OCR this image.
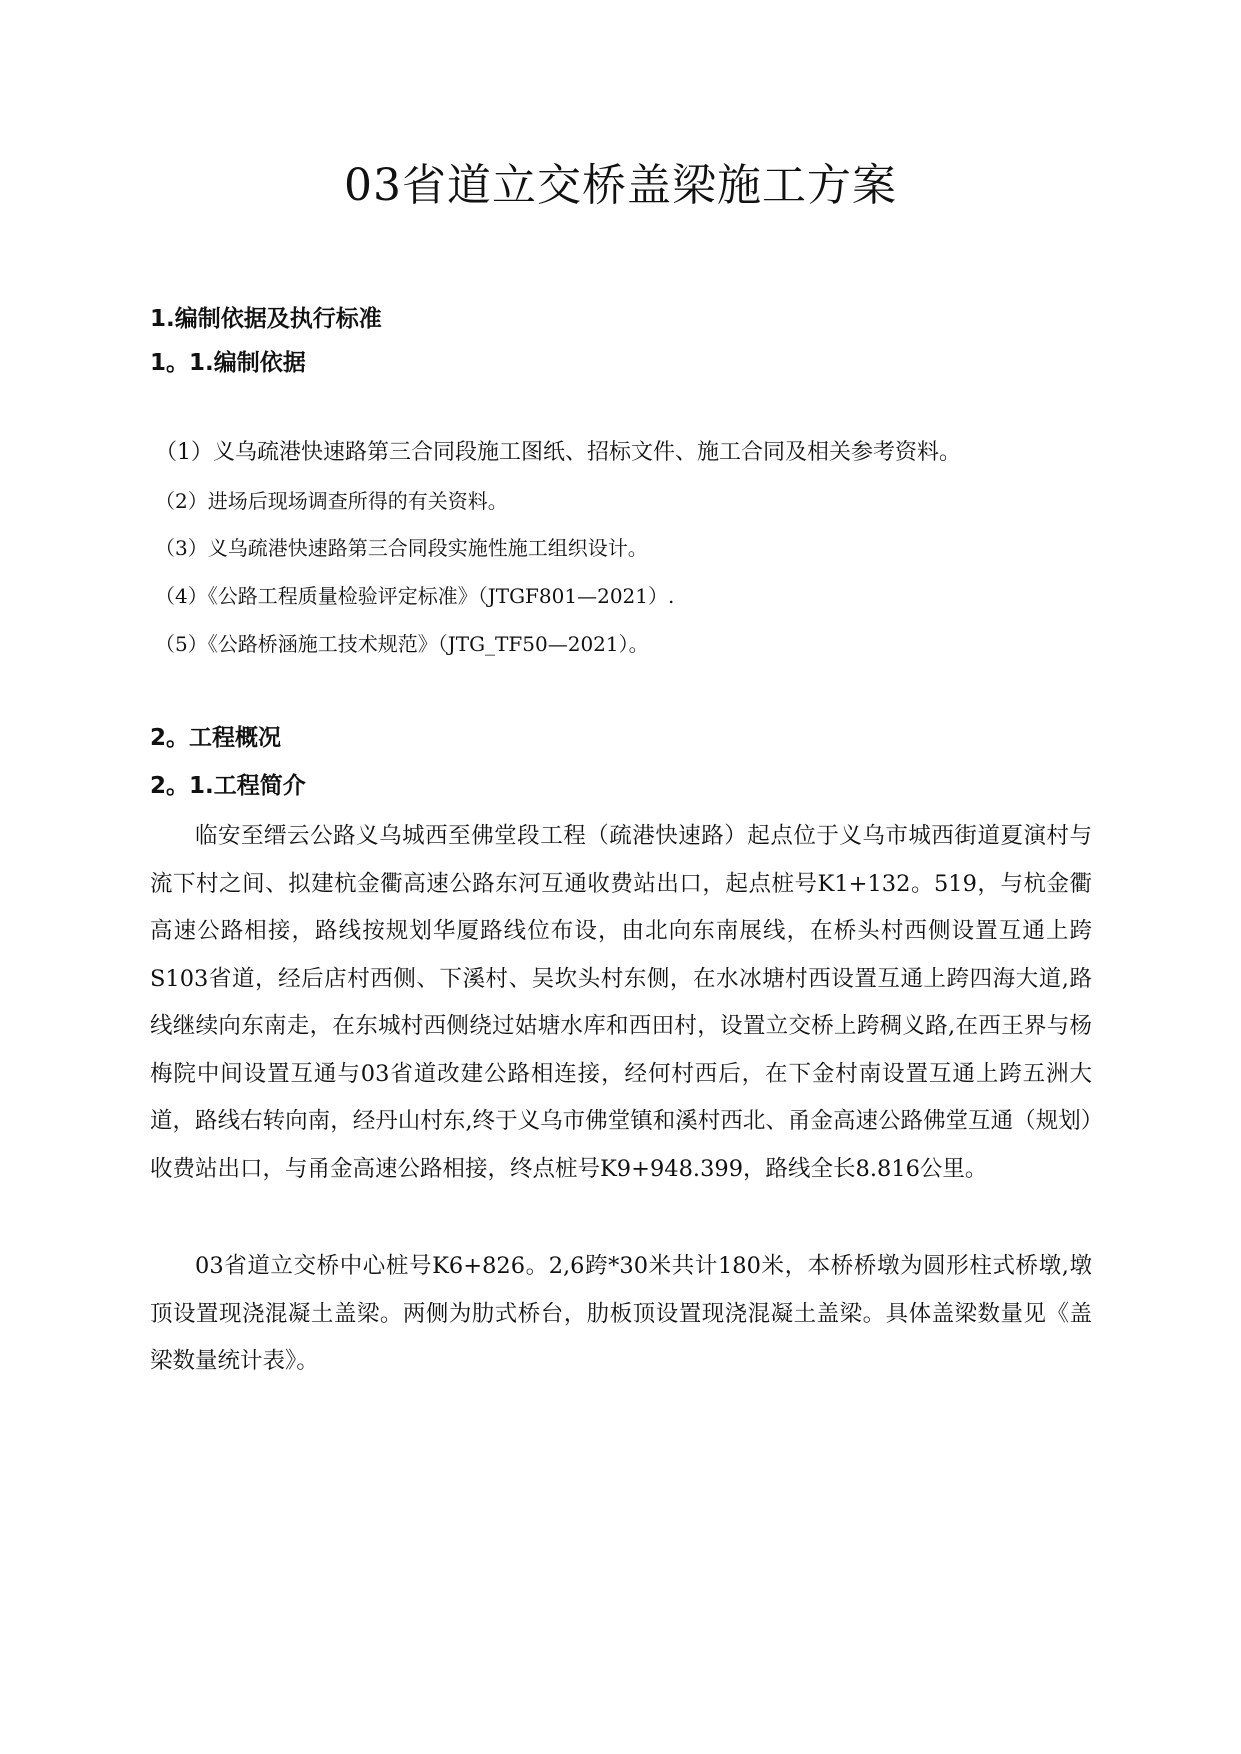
03省道立交桥盖梁施工方案
1.编制依据及执行标准
1。1.编制依据

（1）义乌疏港快速路第三合同段施工图纸、招标文件、施工合同及相关参考资料。

（2）进场后现场调查所得的有关资料。

（3）义乌疏港快速路第三合同段实施性施工组织设计。

（4）《公路工程质量检验评定标准》（JTGF801—2021）.

（5）《公路桥涵施工技术规范》（JTG_TF50—2021）。

2。工程概况
2。1.工程简介

临安至缙云公路义乌城西至佛堂段工程（疏港快速路）起点位于义乌市城西街道夏演村与流下村之间、拟建杭金衢高速公路东河互通收费站出口，起点桩号K1+132。519，与杭金衢高速公路相接，路线按规划华厦路线位布设，由北向东南展线，在桥头村西侧设置互通上跨S103省道，经后店村西侧、下溪村、吴坎头村东侧，在水冰塘村西设置互通上跨四海大道,路线继续向东南走，在东城村西侧绕过姑塘水库和西田村，设置立交桥上跨稠义路,在西王界与杨梅院中间设置互通与03省道改建公路相连接，经何村西后，在下金村南设置互通上跨五洲大道，路线右转向南，经丹山村东,终于义乌市佛堂镇和溪村西北、甬金高速公路佛堂互通（规划）收费站出口，与甬金高速公路相接，终点桩号K9+948.399，路线全长8.816公里。

03省道立交桥中心桩号K6+826。2,6跨*30米共计180米，本桥桥墩为圆形柱式桥墩,墩顶设置现浇混凝土盖梁。两侧为肋式桥台，肋板顶设置现浇混凝土盖梁。具体盖梁数量见《盖梁数量统计表》。
